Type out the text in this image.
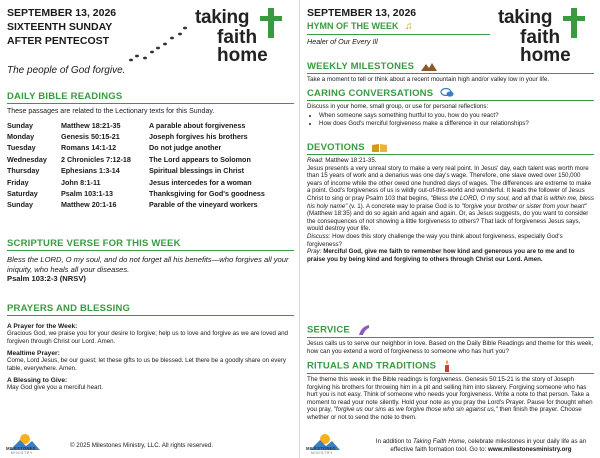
SEPTEMBER 13, 2026
SIXTEENTH SUNDAY
AFTER PENTECOST
taking
faith
home
The people of God forgive.
DAILY BIBLE READINGS
These passages are related to the Lectionary texts for this Sunday.
Sunday	Matthew 18:21-35	A parable about forgiveness
Monday	Genesis 50:15-21	Joseph forgives his brothers
Tuesday	Romans 14:1-12	Do not judge another
Wednesday	2 Chronicles 7:12-18	The Lord appears to Solomon
Thursday	Ephesians 1:3-14	Spiritual blessings in Christ
Friday	John 8:1-11	Jesus intercedes for a woman
Saturday	Psalm 103:1-13	Thanksgiving for God's goodness
Sunday	Matthew 20:1-16	Parable of the vineyard workers
SCRIPTURE VERSE FOR THIS WEEK
Bless the LORD, O my soul, and do not forget all his benefits—who forgives all your iniquity, who heals all your diseases.
Psalm 103:2-3 (NRSV)
PRAYERS AND BLESSING
A Prayer for the Week:
Gracious God, we praise you for your desire to forgive; help us to love and forgive as we are loved and forgiven through Christ our Lord. Amen.
Mealtime Prayer:
Come, Lord Jesus, be our guest; let these gifts to us be blessed. Let there be a goodly share on every table, everywhere. Amen.
A Blessing to Give:
May God give you a merciful heart.
MILESTONES
MINISTRY
© 2025 Milestones Ministry, LLC. All rights reserved.
SEPTEMBER 13, 2026
HYMN OF THE WEEK ♫
Healer of Our Every Ill
taking
faith
home
WEEKLY MILESTONES
Take a moment to tell or think about a recent mountain high and/or valley low in your life.
CARING CONVERSATIONS
Discuss in your home, small group, or use for personal reflections:
• When someone says something hurtful to you, how do you react?
• How does God's merciful forgiveness make a difference in our relationships?
DEVOTIONS
Read: Matthew 18:21-35.
Jesus presents a very unreal story to make a very real point. In Jesus' day, each talent was worth more than 15 years of work and a denarius was one day's wage. Therefore, one slave owed over 150,000 years of income while the other owed one hundred days of wages. The differences are extreme to make a point. God's forgiveness of us is wildly out-of-this-world and wonderful. It leads the follower of Jesus Christ to sing or pray Psalm 103 that begins, "Bless the LORD, O my soul, and all that is within me, bless his holy name" (v. 1). A concrete way to praise God is to "forgive your brother or sister from your heart" (Matthew 18:35) and do so again and again and again. Or, as Jesus suggests, do you want to consider the consequences of not showing a little forgiveness to others? That lack of forgiveness Jesus says, would destroy your life.
Discuss: How does this story challenge the way you think about forgiveness, especially God's forgiveness?
Pray: Merciful God, give me faith to remember how kind and generous you are to me and to praise you by being kind and forgiving to others through Christ our Lord. Amen.
SERVICE
Jesus calls us to serve our neighbor in love. Based on the Daily Bible Readings and theme for this week, how can you extend a word of forgiveness to someone who has hurt you?
RITUALS AND TRADITIONS
The theme this week in the Bible readings is forgiveness. Genesis 50:15-21 is the story of Joseph forgiving his brothers for throwing him in a pit and selling him into slavery. Forgiving someone who has hurt you is not easy. Think of someone who needs your forgiveness. Write a note to that person. Take a moment to read your note silently. Hold your note as you pray the Lord's Prayer. Pause for thought when you pray, "forgive us our sins as we forgive those who sin against us," then finish the prayer. Choose whether or not to send the note to them.
MILESTONES
MINISTRY
In addition to Taking Faith Home, celebrate milestones in your daily life as an effective faith formation tool. Go to: www.milestonesministry.org
